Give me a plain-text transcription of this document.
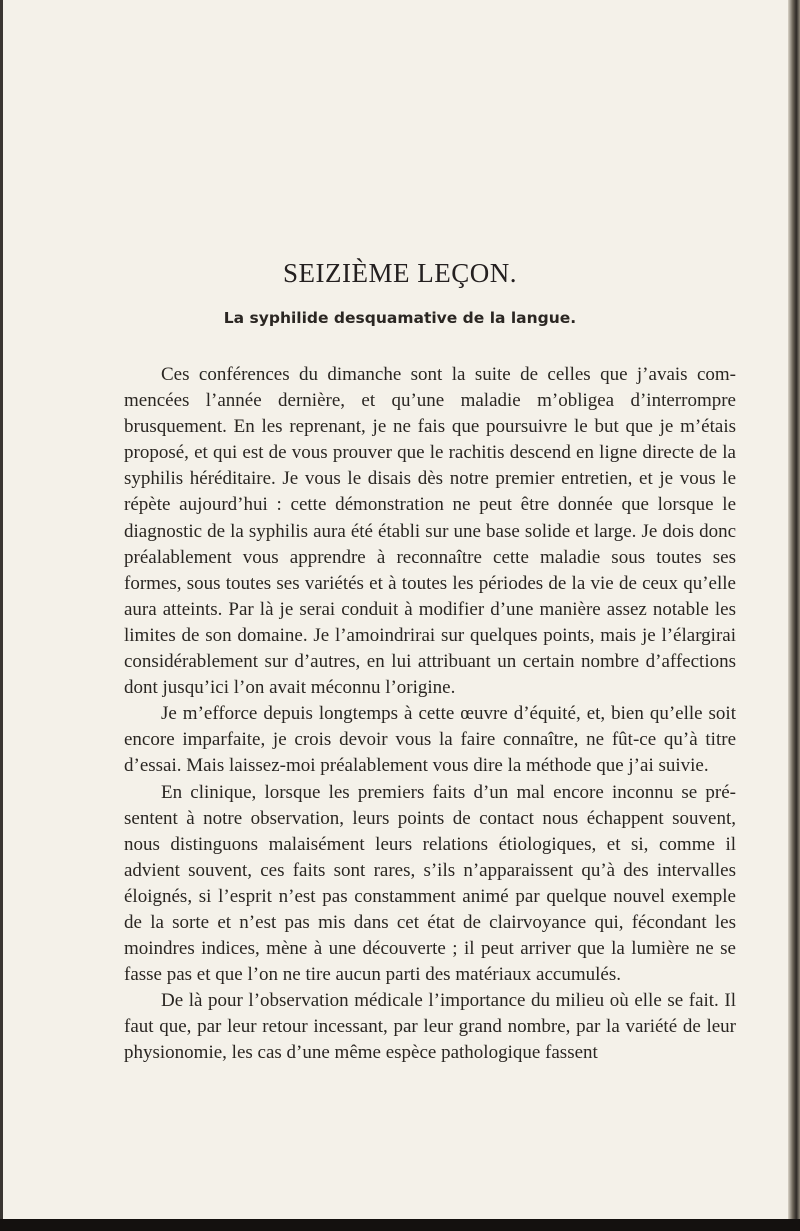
SEIZIÈME LEÇON.
La syphilide desquamative de la langue.

Ces conférences du dimanche sont la suite de celles que j’avais commencées l’année dernière, et qu’une maladie m’obligea d’interrompre brusquement. En les reprenant, je ne fais que poursuivre le but que je m’étais proposé, et qui est de vous prouver que le rachitis descend en ligne directe de la syphilis héréditaire. Je vous le disais dès notre premier entretien, et je vous le répète aujourd’hui : cette démonstration ne peut être donnée que lorsque le diagnostic de la syphilis aura été établi sur une base solide et large. Je dois donc préalablement vous apprendre à reconnaître cette maladie sous toutes ses formes, sous toutes ses variétés et à toutes les périodes de la vie de ceux qu’elle aura atteints. Par là je serai conduit à modifier d’une manière assez notable les limites de son domaine. Je l’amoindrirai sur quelques points, mais je l’élargirai considérablement sur d’autres, en lui attribuant un certain nombre d’affections dont jusqu’ici l’on avait méconnu l’origine.

Je m’efforce depuis longtemps à cette œuvre d’équité, et, bien qu’elle soit encore imparfaite, je crois devoir vous la faire connaître, ne fût-ce qu’à titre d’essai. Mais laissez-moi préalablement vous dire la méthode que j’ai suivie.

En clinique, lorsque les premiers faits d’un mal encore inconnu se présentent à notre observation, leurs points de contact nous échappent souvent, nous distinguons malaisément leurs relations étiologiques, et si, comme il advient souvent, ces faits sont rares, s’ils n’apparaissent qu’à des intervalles éloignés, si l’esprit n’est pas constamment animé par quelque nouvel exemple de la sorte et n’est pas mis dans cet état de clairvoyance qui, fécondant les moindres indices, mène à une découverte ; il peut arriver que la lumière ne se fasse pas et que l’on ne tire aucun parti des matériaux accumulés.

De là pour l’observation médicale l’importance du milieu où elle se fait. Il faut que, par leur retour incessant, par leur grand nombre, par la variété de leur physionomie, les cas d’une même espèce pathologique fassent
